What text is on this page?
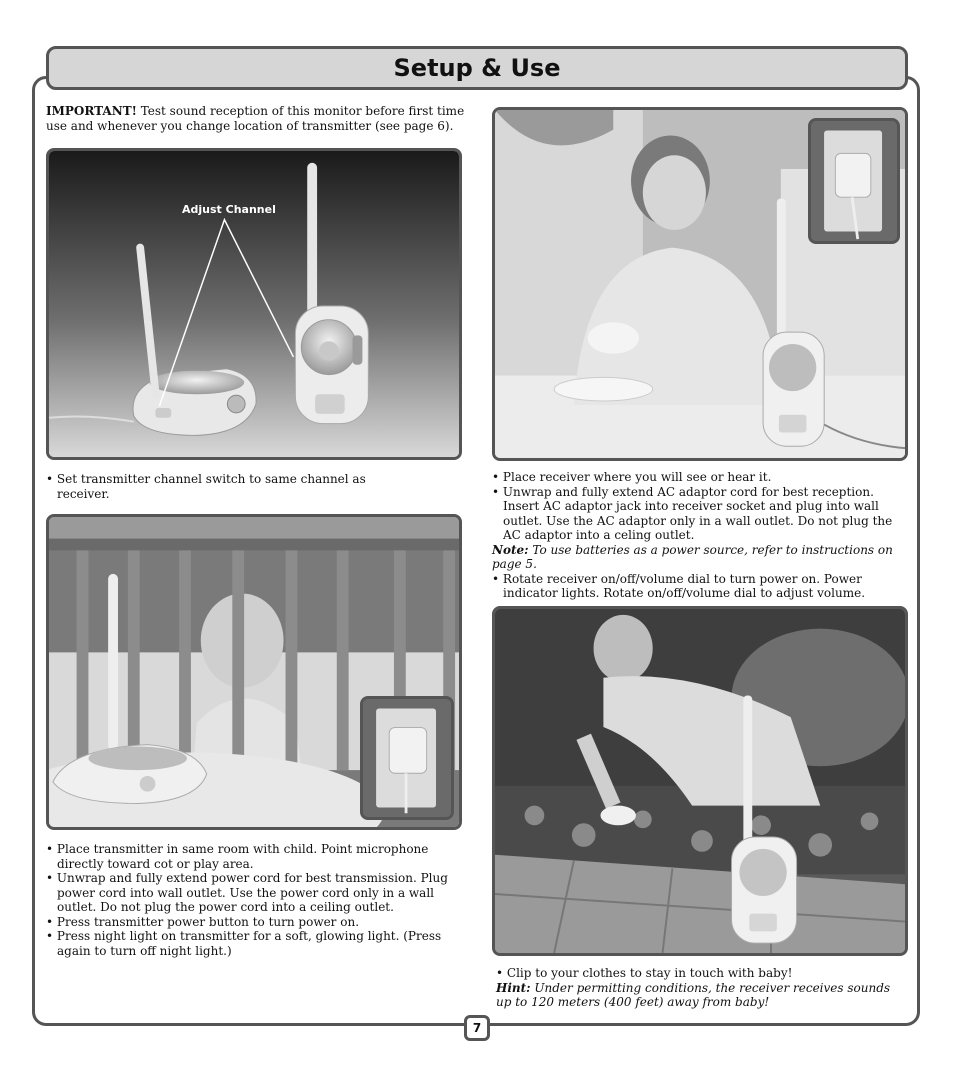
Setup & Use

IMPORTANT! Test sound reception of this monitor before first time use and whenever you change location of transmitter (see page 6).

Adjust Channel
• Set transmitter channel switch to same channel as receiver.
• Place transmitter in same room with child. Point microphone directly toward cot or play area.
• Unwrap and fully extend power cord for best transmission. Plug power cord into wall outlet. Use the power cord only in a wall outlet. Do not plug the power cord into a ceiling outlet.
• Press transmitter power button to turn power on.
• Press night light on transmitter for a soft, glowing light. (Press again to turn off night light.)
• Place receiver where you will see or hear it.
• Unwrap and fully extend AC adaptor cord for best reception. Insert AC adaptor jack into receiver socket and plug into wall outlet. Use the AC adaptor only in a wall outlet. Do not plug the AC adaptor into a celing outlet.

Note: To use batteries as a power source, refer to instructions on page 5.

• Rotate receiver on/off/volume dial to turn power on. Power indicator lights. Rotate on/off/volume dial to adjust volume.
• Clip to your clothes to stay in touch with baby!

Hint: Under permitting conditions, the receiver receives sounds up to 120 meters (400 feet) away from baby!

7
